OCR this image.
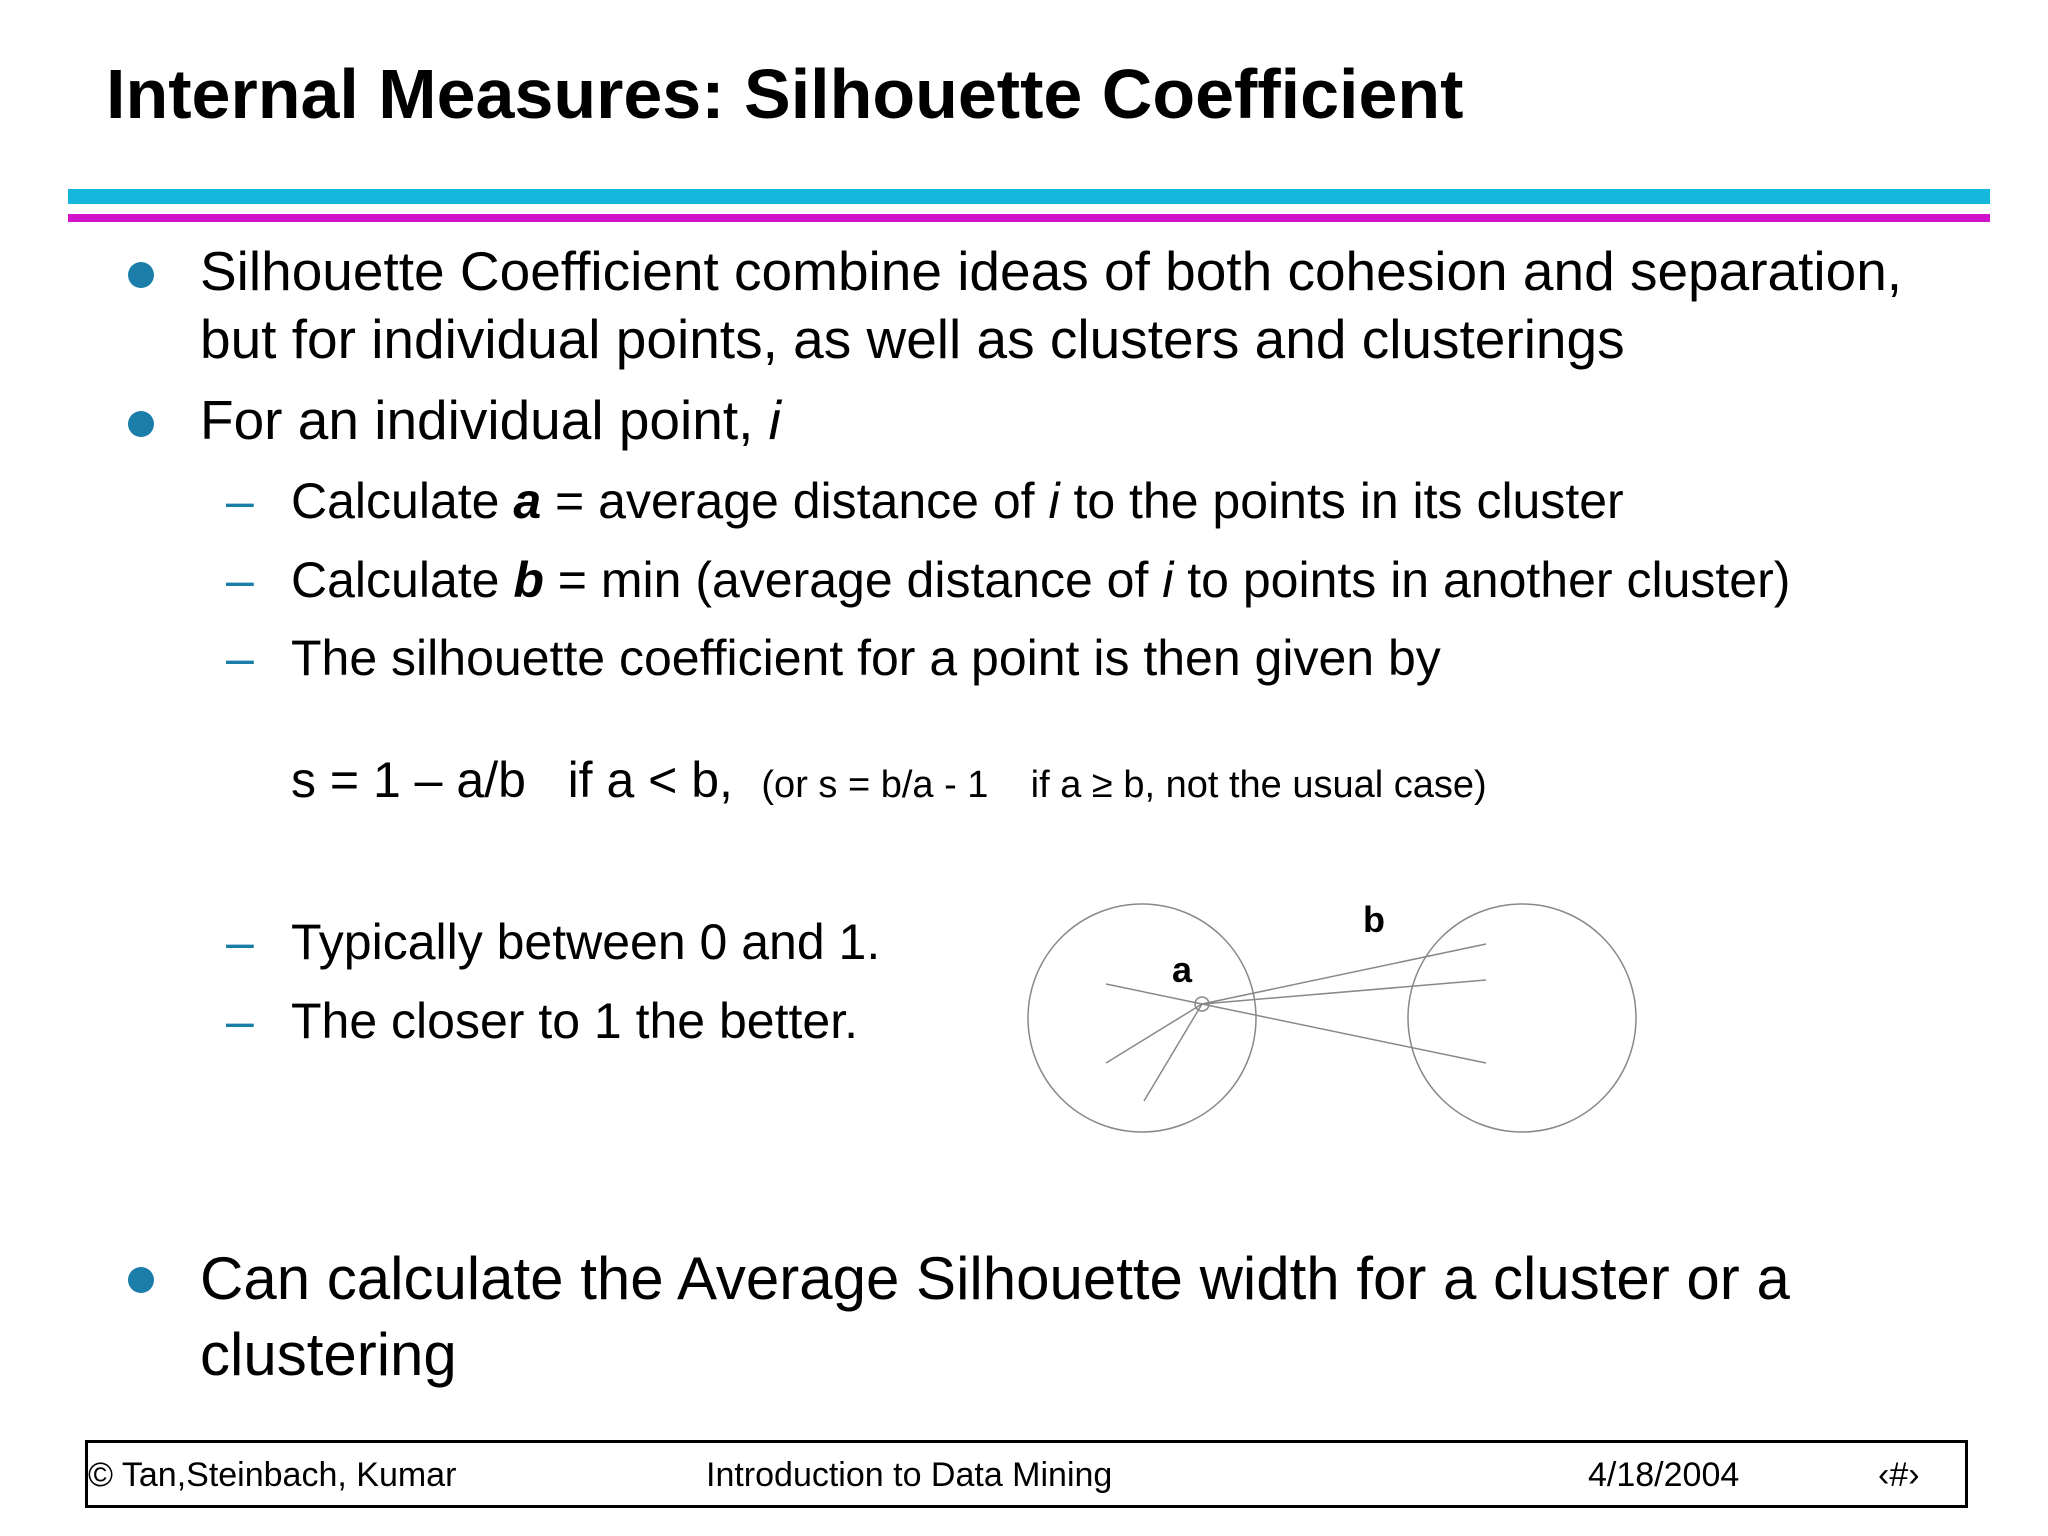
Internal Measures: Silhouette Coefficient

Silhouette Coefficient combine ideas of both cohesion and separation,

but for individual points, as well as clusters and clusterings

For an individual point, i

– Calculate a = average distance of i to the points in its cluster

– Calculate b = min (average distance of i to points in another cluster)

– The silhouette coefficient for a point is then given by

s = 1 – a/b   if a < b, (or s = b/a - 1    if a ≥ b, not the usual case)
– Typically between 0 and 1.

– The closer to 1 the better.

a
b

Can calculate the Average Silhouette width for a cluster or a

clustering

© Tan,Steinbach, Kumar	Introduction to Data Mining	4/18/2004	‹#›
